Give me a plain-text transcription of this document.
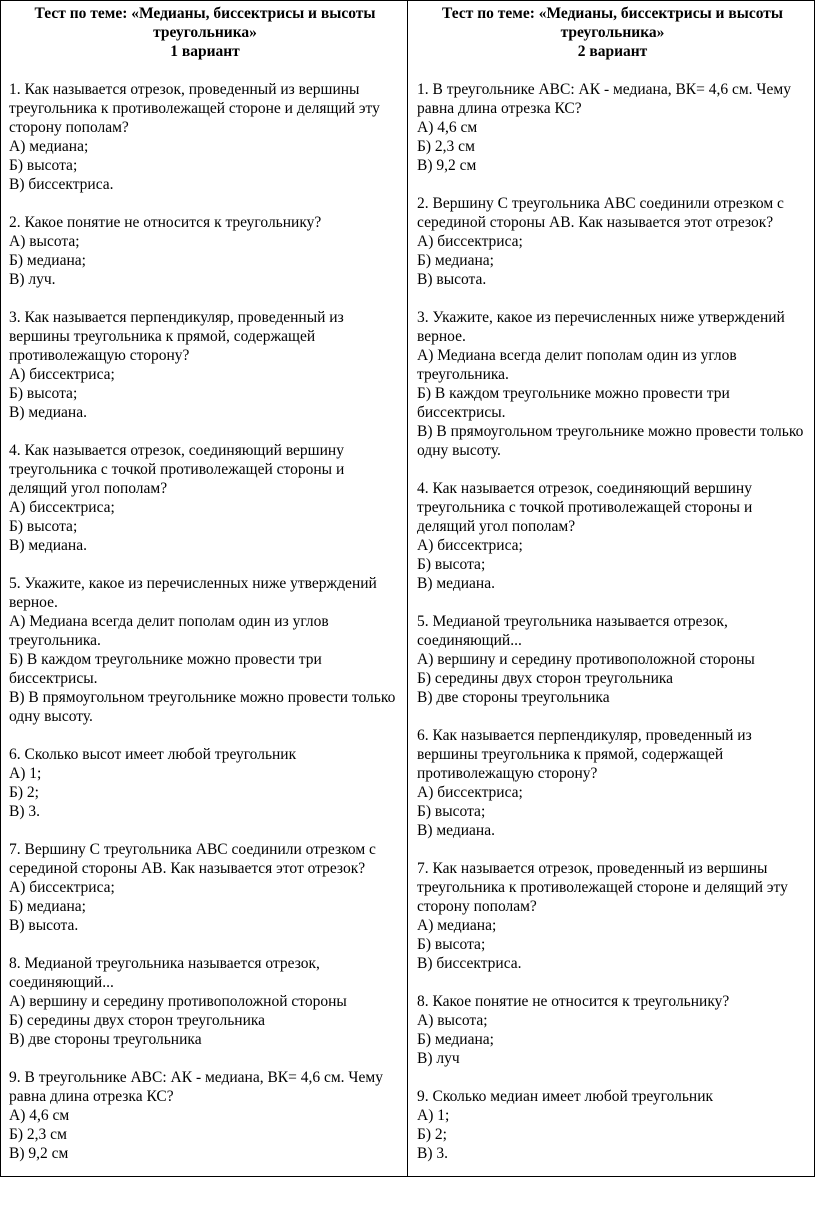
Тест по теме: «Медианы, биссектрисы и высоты
треугольника»
1 вариант
1. Как называется отрезок, проведенный из вершины треугольника к противолежащей стороне и делящий эту сторону пополам?
А) медиана;
Б) высота;
В) биссектриса.
2. Какое понятие не относится к треугольнику?
А) высота;
Б) медиана;
В) луч.
3. Как называется перпендикуляр, проведенный из вершины треугольника к прямой, содержащей противолежащую сторону?
А) биссектриса;
Б) высота;
В) медиана.
4. Как называется отрезок, соединяющий вершину треугольника с точкой противолежащей стороны и делящий угол пополам?
А) биссектриса;
Б) высота;
В) медиана.
5. Укажите, какое из перечисленных ниже утверждений верное.
А) Медиана всегда делит пополам один из углов треугольника.
Б) В каждом треугольнике можно провести три биссектрисы.
В) В прямоугольном треугольнике можно провести только одну высоту.
6. Сколько высот имеет любой треугольник
А) 1;
Б) 2;
В) 3.
7. Вершину С треугольника АВС соединили отрезком с серединой стороны АВ. Как называется этот отрезок?
А) биссектриса;
Б) медиана;
В) высота.
8. Медианой треугольника называется отрезок, соединяющий...
А) вершину и середину противоположной стороны
Б) середины двух сторон треугольника
В) две стороны треугольника
9. В треугольнике АВС: АК - медиана, ВК= 4,6 см. Чему равна длина отрезка КС?
А) 4,6 см
Б) 2,3 см
В) 9,2 см
Тест по теме: «Медианы, биссектрисы и высоты
треугольника»
2 вариант
1. В треугольнике АВС: АК - медиана, ВК= 4,6 см. Чему равна длина отрезка КС?
А) 4,6 см
Б) 2,3 см
В) 9,2 см
2. Вершину С треугольника АВС соединили отрезком с серединой стороны АВ. Как называется этот отрезок?
А) биссектриса;
Б) медиана;
В) высота.
3. Укажите, какое из перечисленных ниже утверждений верное.
А) Медиана всегда делит пополам один из углов треугольника.
Б) В каждом треугольнике можно провести три биссектрисы.
В) В прямоугольном треугольнике можно провести только одну высоту.
4. Как называется отрезок, соединяющий вершину треугольника с точкой противолежащей стороны и делящий угол пополам?
А) биссектриса;
Б) высота;
В) медиана.
5. Медианой треугольника называется отрезок, соединяющий...
А) вершину и середину противоположной стороны
Б) середины двух сторон треугольника
В) две стороны треугольника
6. Как называется перпендикуляр, проведенный из вершины треугольника к прямой, содержащей противолежащую сторону?
А) биссектриса;
Б) высота;
В) медиана.
7. Как называется отрезок, проведенный из вершины треугольника к противолежащей стороне и делящий эту сторону пополам?
А) медиана;
Б) высота;
В) биссектриса.
8. Какое понятие не относится к треугольнику?
А) высота;
Б) медиана;
В) луч
9. Сколько медиан имеет любой треугольник
А) 1;
Б) 2;
В) 3.
